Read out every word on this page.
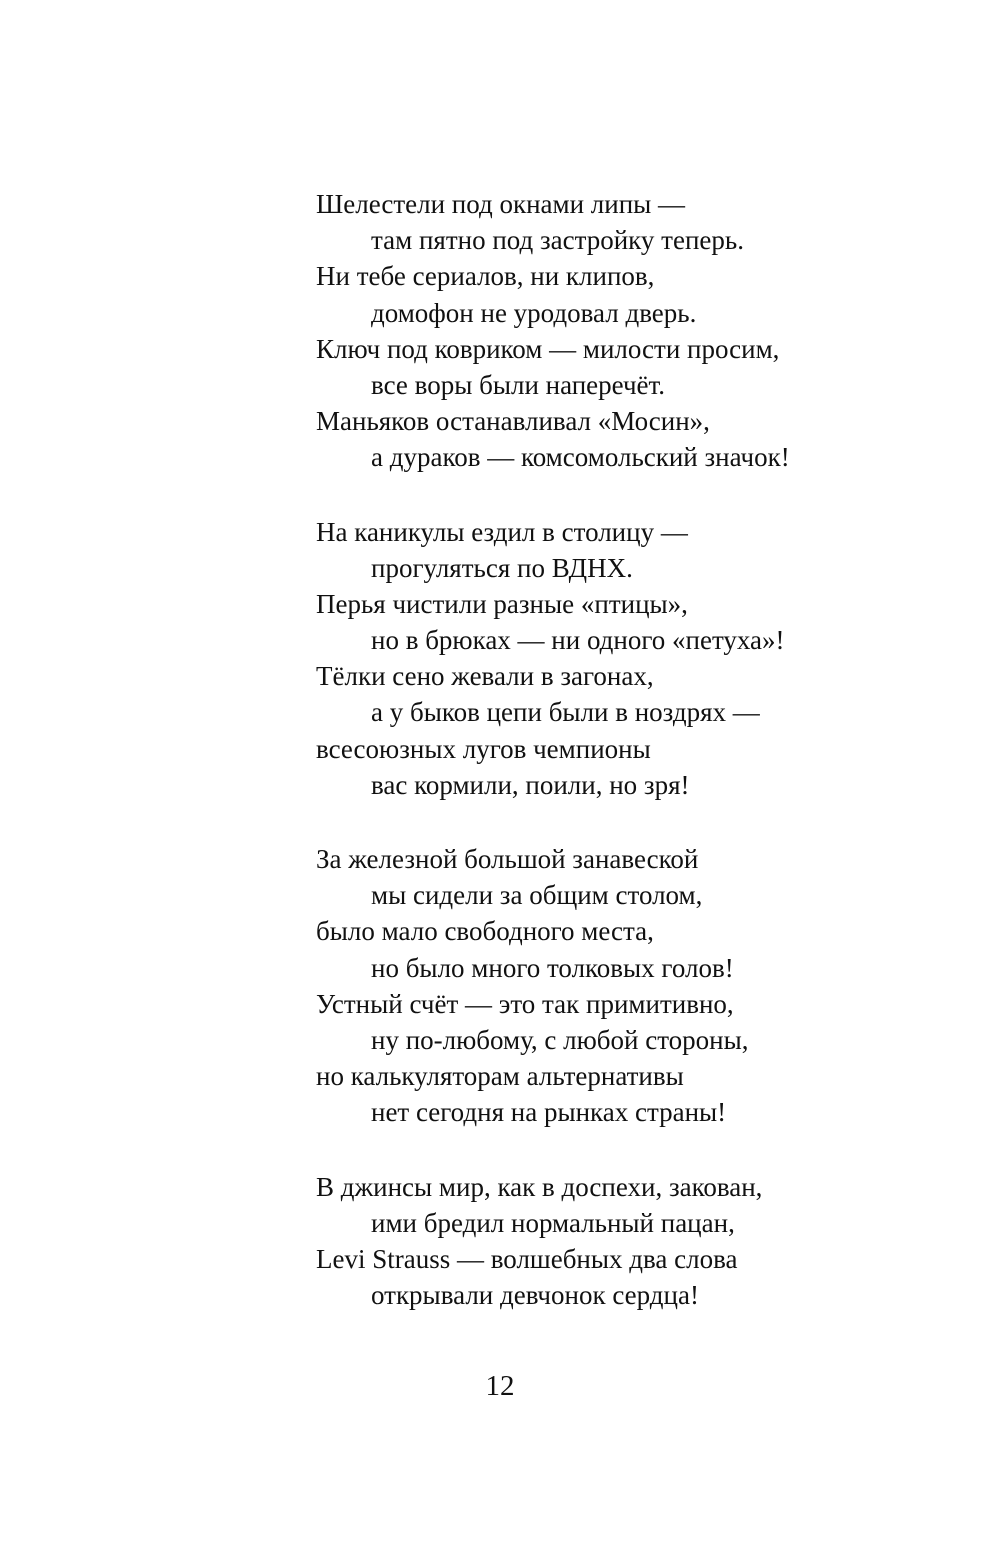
Шелестели под окнами липы —
там пятно под застройку теперь.
Ни тебе сериалов, ни клипов,
домофон не уродовал дверь.
Ключ под ковриком — милости просим,
все воры были наперечёт.
Маньяков останавливал «Мосин»,
а дураков — комсомольский значок!
На каникулы ездил в столицу —
прогуляться по ВДНХ.
Перья чистили разные «птицы»,
но в брюках — ни одного «петуха»!
Тёлки сено жевали в загонах,
а у быков цепи были в ноздрях —
всесоюзных лугов чемпионы
вас кормили, поили, но зря!
За железной большой занавеской
мы сидели за общим столом,
было мало свободного места,
но было много толковых голов!
Устный счёт — это так примитивно,
ну по-любому, с любой стороны,
но калькуляторам альтернативы
нет сегодня на рынках страны!
В джинсы мир, как в доспехи, закован,
ими бредил нормальный пацан,
Levi Strauss — волшебных два слова
открывали девчонок сердца!
12
